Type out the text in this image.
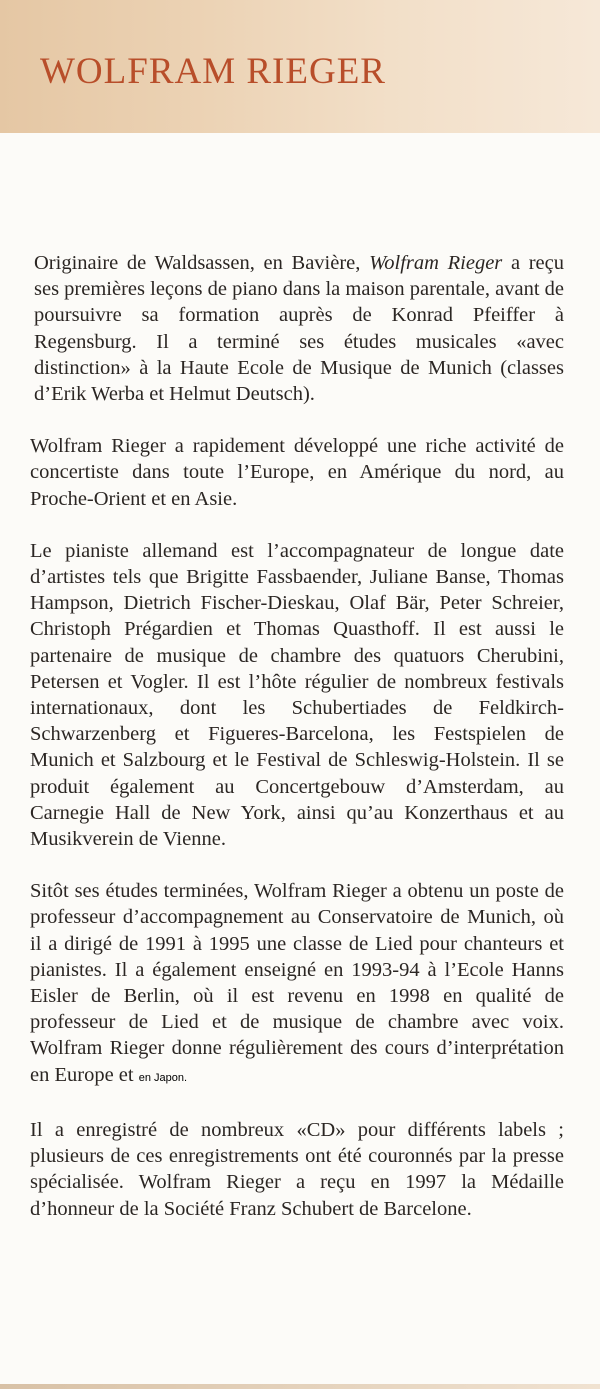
WOLFRAM RIEGER

Originaire de Waldsassen, en Bavière, Wolfram Rieger a reçu ses premières leçons de piano dans la maison parentale, avant de poursuivre sa formation auprès de Konrad Pfeiffer à Regensburg. Il a terminé ses études musicales «avec distinction» à la Haute Ecole de Musique de Munich (classes d’Erik Werba et Helmut Deutsch).

Wolfram Rieger a rapidement développé une riche activité de concertiste dans toute l’Europe, en Amérique du nord, au Proche-Orient et en Asie.

Le pianiste allemand est l’accompagnateur de longue date d’artistes tels que Brigitte Fassbaender, Juliane Banse, Thomas Hampson, Dietrich Fischer-Dieskau, Olaf Bär, Peter Schreier, Christoph Prégardien et Thomas Quasthoff. Il est aussi le partenaire de musique de chambre des quatuors Cherubini, Petersen et Vogler. Il est l’hôte régulier de nombreux festivals internationaux, dont les Schubertiades de Feldkirch-Schwarzenberg et Figueres-Barcelona, les Festspielen de Munich et Salzbourg et le Festival de Schleswig-Holstein. Il se produit également au Concertgebouw d’Amsterdam, au Carnegie Hall de New York, ainsi qu’au Konzerthaus et au Musikverein de Vienne.

Sitôt ses études terminées, Wolfram Rieger a obtenu un poste de professeur d’accompagnement au Conservatoire de Munich, où il a dirigé de 1991 à 1995 une classe de Lied pour chanteurs et pianistes. Il a également enseigné en 1993-94 à l’Ecole Hanns Eisler de Berlin, où il est revenu en 1998 en qualité de professeur de Lied et de musique de chambre avec voix. Wolfram Rieger donne régulièrement des cours d’interprétation en Europe et en Japon.

Il a enregistré de nombreux «CD» pour différents labels ; plusieurs de ces enregistrements ont été couronnés par la presse spécialisée. Wolfram Rieger a reçu en 1997 la Médaille d’honneur de la Société Franz Schubert de Barcelone.
